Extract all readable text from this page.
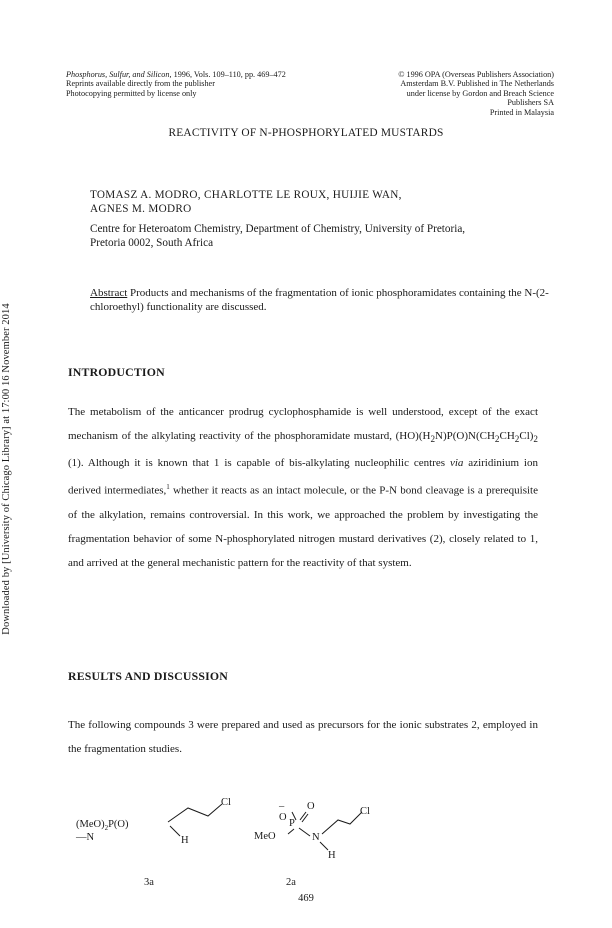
Downloaded by [University of Chicago Library] at 17:00 16 November 2014
Phosphorus, Sulfur, and Silicon, 1996, Vols. 109–110, pp. 469–472
Reprints available directly from the publisher
Photocopying permitted by license only
© 1996 OPA (Overseas Publishers Association)
Amsterdam B.V. Published in The Netherlands
under license by Gordon and Breach Science
Publishers SA
Printed in Malaysia
REACTIVITY OF N-PHOSPHORYLATED MUSTARDS
TOMASZ A. MODRO, CHARLOTTE LE ROUX, HUIJIE WAN,
AGNES M. MODRO
Centre for Heteroatom Chemistry, Department of Chemistry, University of Pretoria,
Pretoria 0002, South Africa
Abstract Products and mechanisms of the fragmentation of ionic phosphoramidates containing the N-(2-chloroethyl) functionality are discussed.
INTRODUCTION

The metabolism of the anticancer prodrug cyclophosphamide is well understood, except of the exact mechanism of the alkylating reactivity of the phosphoramidate mustard, $(HO)(H_2N)P(O)N(CH_2CH_2Cl)_2$ (1). Although it is known that 1 is capable of bis-alkylating nucleophilic centres via aziridinium ion derived intermediates,$^1$ whether it reacts as an intact molecule, or the P-N bond cleavage is a prerequisite of the alkylation, remains controversial. In this work, we approached the problem by investigating the fragmentation behavior of some N-phosphorylated nitrogen mustard derivatives (2), closely related to 1, and arrived at the general mechanistic pattern for the reactivity of that system.

RESULTS AND DISCUSSION

The following compounds 3 were prepared and used as precursors for the ionic substrates 2, employed in the fragmentation studies.

$(MeO)_2P(O)—N$
Cl
H
3a
–O
O
P
MeO	N
Cl
H
2a
469
